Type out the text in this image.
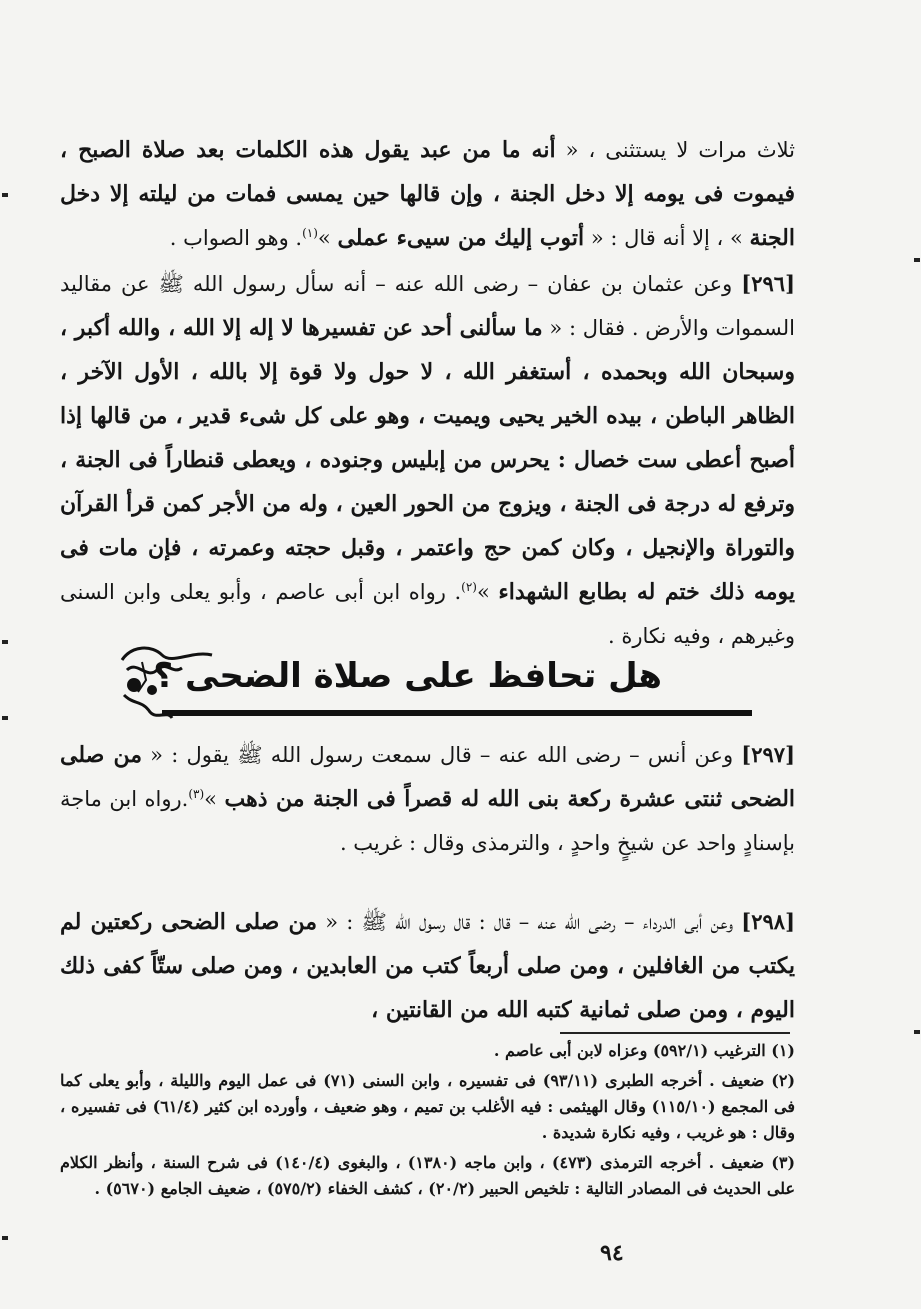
ثلاث مرات لا يستثنى ، « أنه ما من عبد يقول هذه الكلمات بعد صلاة الصبح ، فيموت فى يومه إلا دخل الجنة ، وإن قالها حين يمسى فمات من ليلته إلا دخل الجنة » ، إلا أنه قال : « أتوب إليك من سيىء عملى »$^{(١)}$. وهو الصواب .
[٢٩٦] وعن عثمان بن عفان – رضى الله عنه – أنه سأل رسول الله ﷺ عن مقاليد السموات والأرض . فقال : « ما سألنى أحد عن تفسيرها لا إله إلا الله ، والله أكبر ، وسبحان الله وبحمده ، أستغفر الله ، لا حول ولا قوة إلا بالله ، الأول الآخر ، الظاهر الباطن ، بيده الخير يحيى ويميت ، وهو على كل شىء قدير ، من قالها إذا أصبح أعطى ست خصال : يحرس من إبليس وجنوده ، ويعطى قنطاراً فى الجنة ، وترفع له درجة فى الجنة ، ويزوج من الحور العين ، وله من الأجر كمن قرأ القرآن والتوراة والإنجيل ، وكان كمن حج واعتمر ، وقبل حجته وعمرته ، فإن مات فى يومه ذلك ختم له بطابع الشهداء »$^{(٢)}$. رواه ابن أبى عاصم ، وأبو يعلى وابن السنى وغيرهم ، وفيه نكارة .
هل تحافظ على صلاة الضحى ؟
[٢٩٧] وعن أنس – رضى الله عنه – قال سمعت رسول الله ﷺ يقول : « من صلى الضحى ثنتى عشرة ركعة بنى الله له قصراً فى الجنة من ذهب »$^{(٣)}$.رواه ابن ماجة بإسنادٍ واحد عن شيخٍ واحدٍ ، والترمذى وقال : غريب .
[٢٩٨] وعن أبى الدرداء – رضى الله عنه – قال : قال رسول الله ﷺ : « من صلى الضحى ركعتين لم يكتب من الغافلين ، ومن صلى أربعاً كتب من العابدين ، ومن صلى ستّاً كفى ذلك اليوم ، ومن صلى ثمانية كتبه الله من القانتين ،

(١) الترغيب (٥٩٢/١) وعزاه لابن أبى عاصم .

(٢) ضعيف . أخرجه الطبرى (٩٣/١١) فى تفسيره ، وابن السنى (٧١) فى عمل اليوم والليلة ، وأبو يعلى كما فى المجمع (١١٥/١٠) وقال الهيثمى : فيه الأغلب بن تميم ، وهو ضعيف ، وأورده ابن كثير (٦١/٤) فى تفسيره ، وقال : هو غريب ، وفيه نكارة شديدة .

(٣) ضعيف . أخرجه الترمذى (٤٧٣) ، وابن ماجه (١٣٨٠) ، والبغوى (١٤٠/٤) فى شرح السنة ، وأنظر الكلام على الحديث فى المصادر التالية : تلخيص الحبير (٢٠/٢) ، كشف الخفاء (٥٧٥/٢) ، ضعيف الجامع (٥٦٧٠) .

٩٤
